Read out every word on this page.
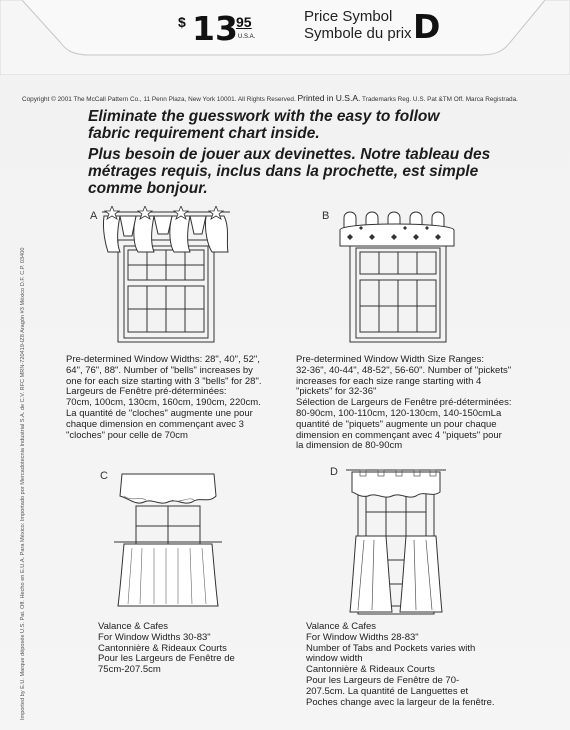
$ 13
95
U.S.A.
Price Symbol
Symbole du prix D
Copyright © 2001 The McCall Pattern Co., 11 Penn Plaza, New York 10001. All Rights Reserved. Printed in U.S.A. Trademarks Reg. U.S. Pat &TM Off. Marca Registrada.
Imported by E.U. Marque déposée U.S. Pat. Off. Hecho en E.U.A. Para México: Importado por Mercadotecnia Industrial S.A. de C.V. RFC MRN-720419-IZ8 Aragón #3 México D.F. C.P. 03400
Eliminate the guesswork with the easy to follow
fabric requirement chart inside.
Plus besoin de jouer aux devinettes. Notre tableau des
métrages requis, inclus dans la prochette, est simple
comme bonjour.
A	B
Pre-determined Window Widths: 28", 40", 52",
64", 76", 88". Number of "bells" increases by
one for each size starting with 3 "bells" for 28".
Largeurs de Fenêtre pré-déterminées:
70cm, 100cm, 130cm, 160cm, 190cm, 220cm.
La quantité de "cloches" augmente une pour
chaque dimension en commençant avec 3
"cloches" pour celle de 70cm
Pre-determined Window Width Size Ranges:
32-36", 40-44", 48-52", 56-60". Number of "pickets"
increases for each size range starting with 4
"pickets" for 32-36"
Sélection de Largeurs de Fenêtre pré-déterminées:
80-90cm, 100-110cm, 120-130cm, 140-150cmLa
quantité de "piquets" augmente un pour chaque
dimension en commençant avec 4 "piquets" pour
la dimension de 80-90cm
C	D
Valance & Cafes
For Window Widths 30-83"
Cantonnière & Rideaux Courts
Pour les Largeurs de Fenêtre de
75cm-207.5cm
Valance & Cafes
For Window Widths 28-83"
Number of Tabs and Pockets varies with
window width
Cantonnière & Rideaux Courts
Pour les Largeurs de Fenêtre de 70-
207.5cm. La quantité de Languettes et
Poches change avec la largeur de la fenêtre.
